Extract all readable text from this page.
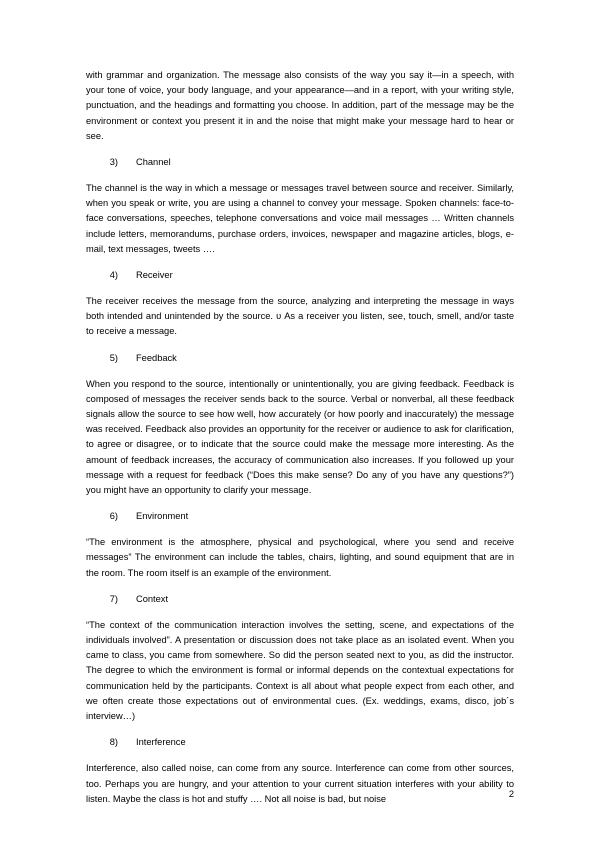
with grammar and organization. The message also consists of the way you say it—in a speech, with your tone of voice, your body language, and your appearance—and in a report, with your writing style, punctuation, and the headings and formatting you choose. In addition, part of the message may be the environment or context you present it in and the noise that might make your message hard to hear or see.

3) Channel

The channel is the way in which a message or messages travel between source and receiver. Similarly, when you speak or write, you are using a channel to convey your message. Spoken channels: face-to-face conversations, speeches, telephone conversations and voice mail messages … Written channels include letters, memorandums, purchase orders, invoices, newspaper and magazine articles, blogs, e-mail, text messages, tweets ….

4) Receiver

The receiver receives the message from the source, analyzing and interpreting the message in ways both intended and unintended by the source. υ As a receiver you listen, see, touch, smell, and/or taste to receive a message.

5) Feedback

When you respond to the source, intentionally or unintentionally, you are giving feedback. Feedback is composed of messages the receiver sends back to the source. Verbal or nonverbal, all these feedback signals allow the source to see how well, how accurately (or how poorly and inaccurately) the message was received. Feedback also provides an opportunity for the receiver or audience to ask for clarification, to agree or disagree, or to indicate that the source could make the message more interesting. As the amount of feedback increases, the accuracy of communication also increases. If you followed up your message with a request for feedback (“Does this make sense? Do any of you have any questions?”) you might have an opportunity to clarify your message.

6) Environment

“The environment is the atmosphere, physical and psychological, where you send and receive messages” The environment can include the tables, chairs, lighting, and sound equipment that are in the room. The room itself is an example of the environment.

7) Context

“The context of the communication interaction involves the setting, scene, and expectations of the individuals involved”. A presentation or discussion does not take place as an isolated event. When you came to class, you came from somewhere. So did the person seated next to you, as did the instructor. The degree to which the environment is formal or informal depends on the contextual expectations for communication held by the participants. Context is all about what people expect from each other, and we often create those expectations out of environmental cues. (Ex. weddings, exams, disco, job´s interview…)

8) Interference

Interference, also called noise, can come from any source. Interference can come from other sources, too. Perhaps you are hungry, and your attention to your current situation interferes with your ability to listen. Maybe the class is hot and stuffy …. Not all noise is bad, but noise	2
